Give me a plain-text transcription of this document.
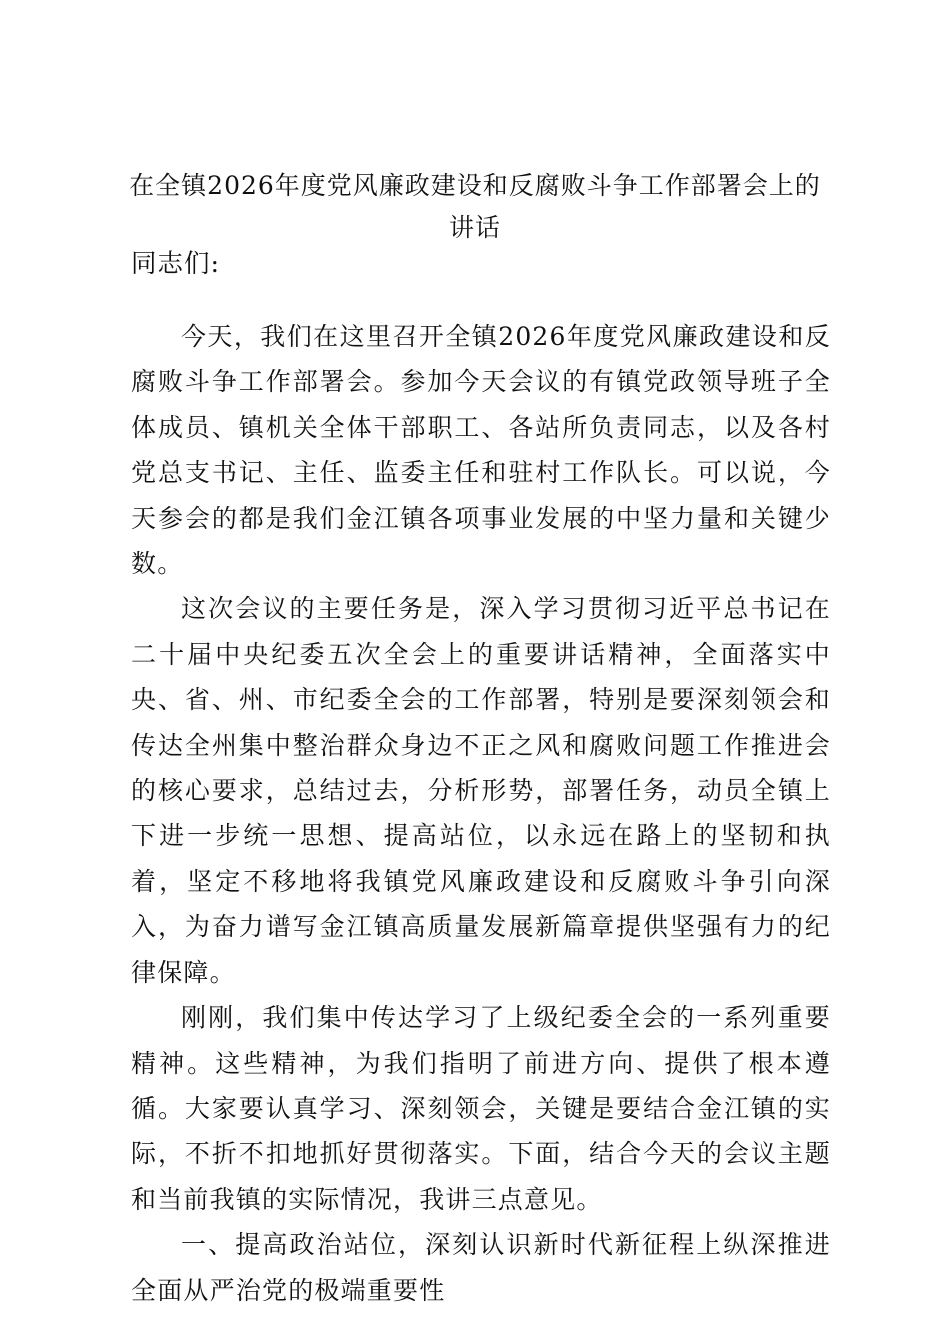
在全镇2026年度党风廉政建设和反腐败斗争工作部署会上的讲话
同志们:

今天，我们在这里召开全镇2026年度党风廉政建设和反腐败斗争工作部署会。参加今天会议的有镇党政领导班子全体成员、镇机关全体干部职工、各站所负责同志，以及各村党总支书记、主任、监委主任和驻村工作队长。可以说，今天参会的都是我们金江镇各项事业发展的中坚力量和关键少数。

这次会议的主要任务是，深入学习贯彻习近平总书记在二十届中央纪委五次全会上的重要讲话精神，全面落实中央、省、州、市纪委全会的工作部署，特别是要深刻领会和传达全州集中整治群众身边不正之风和腐败问题工作推进会的核心要求，总结过去，分析形势，部署任务，动员全镇上下进一步统一思想、提高站位，以永远在路上的坚韧和执着，坚定不移地将我镇党风廉政建设和反腐败斗争引向深入，为奋力谱写金江镇高质量发展新篇章提供坚强有力的纪律保障。

刚刚，我们集中传达学习了上级纪委全会的一系列重要精神。这些精神，为我们指明了前进方向、提供了根本遵循。大家要认真学习、深刻领会，关键是要结合金江镇的实际，不折不扣地抓好贯彻落实。下面，结合今天的会议主题和当前我镇的实际情况，我讲三点意见。

一、提高政治站位，深刻认识新时代新征程上纵深推进全面从严治党的极端重要性
